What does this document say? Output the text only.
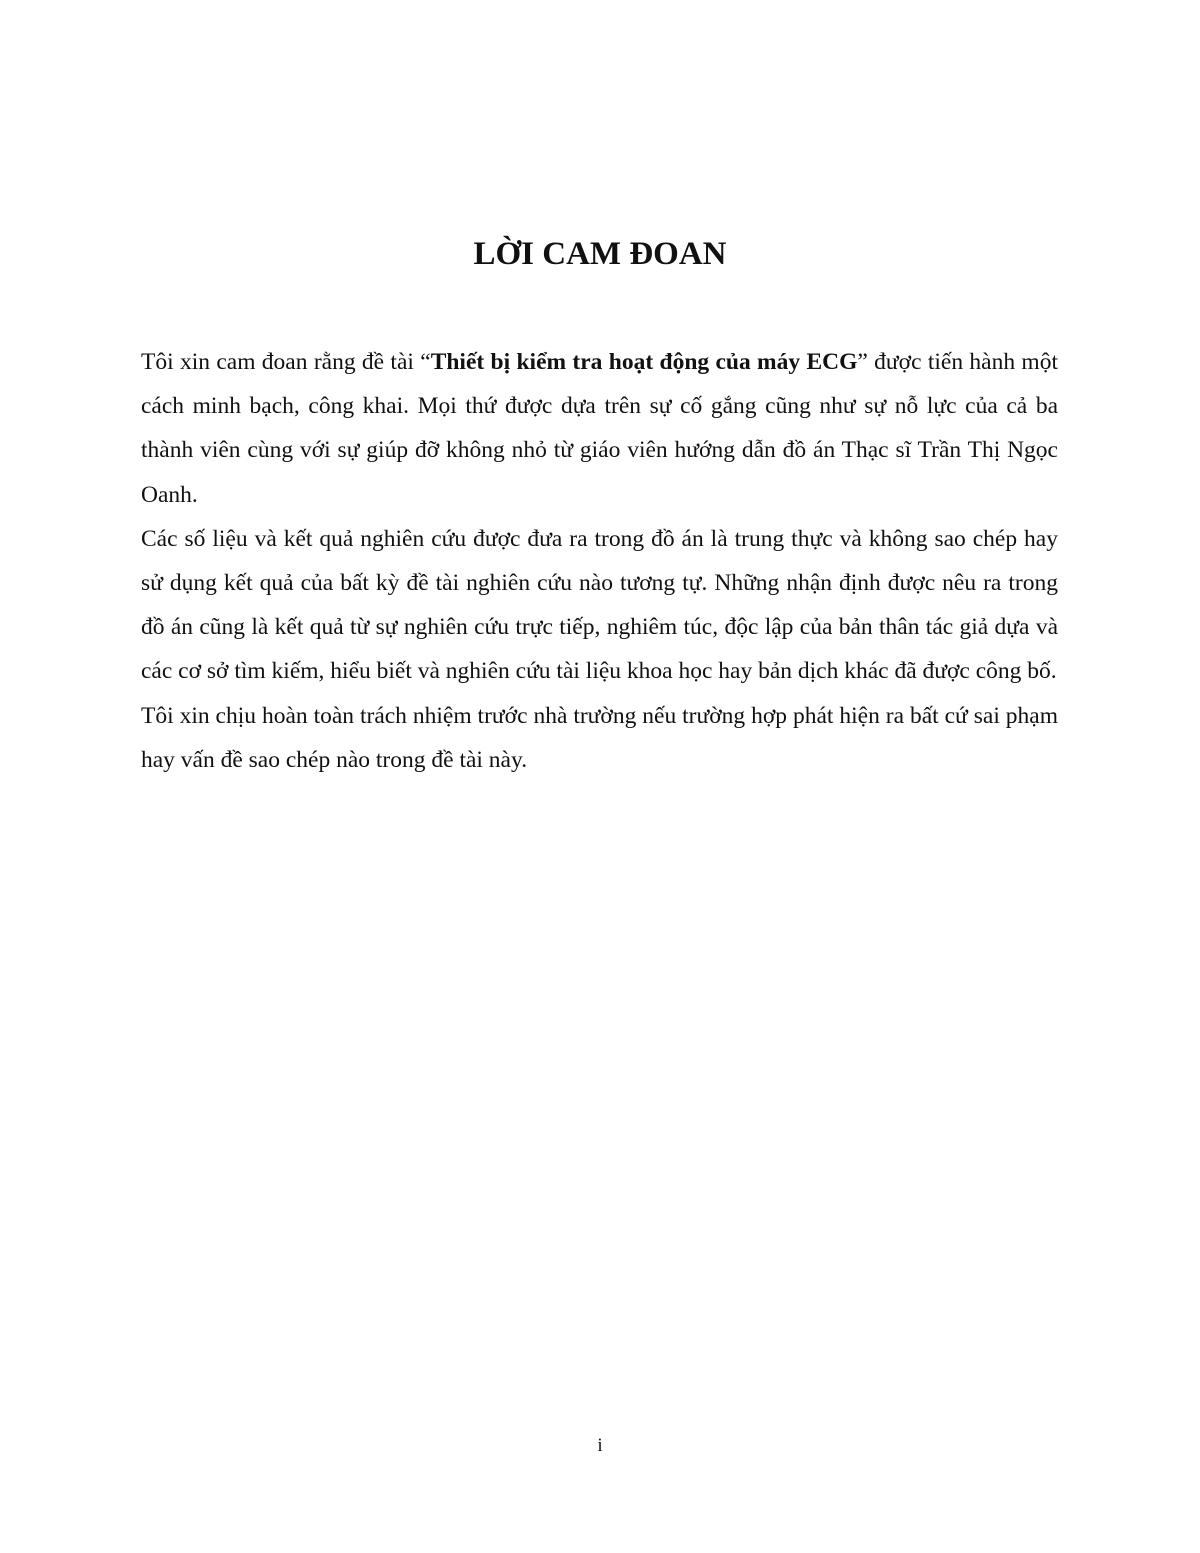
LỜI CAM ĐOAN

Tôi xin cam đoan rằng đề tài “Thiết bị kiểm tra hoạt động của máy ECG” được tiến hành một cách minh bạch, công khai. Mọi thứ được dựa trên sự cố gắng cũng như sự nỗ lực của cả ba thành viên cùng với sự giúp đỡ không nhỏ từ giáo viên hướng dẫn đồ án Thạc sĩ Trần Thị Ngọc Oanh.

Các số liệu và kết quả nghiên cứu được đưa ra trong đồ án là trung thực và không sao chép hay sử dụng kết quả của bất kỳ đề tài nghiên cứu nào tương tự. Những nhận định được nêu ra trong đồ án cũng là kết quả từ sự nghiên cứu trực tiếp, nghiêm túc, độc lập của bản thân tác giả dựa và các cơ sở tìm kiếm, hiểu biết và nghiên cứu tài liệu khoa học hay bản dịch khác đã được công bố.

Tôi xin chịu hoàn toàn trách nhiệm trước nhà trường nếu trường hợp phát hiện ra bất cứ sai phạm hay vấn đề sao chép nào trong đề tài này.

i
